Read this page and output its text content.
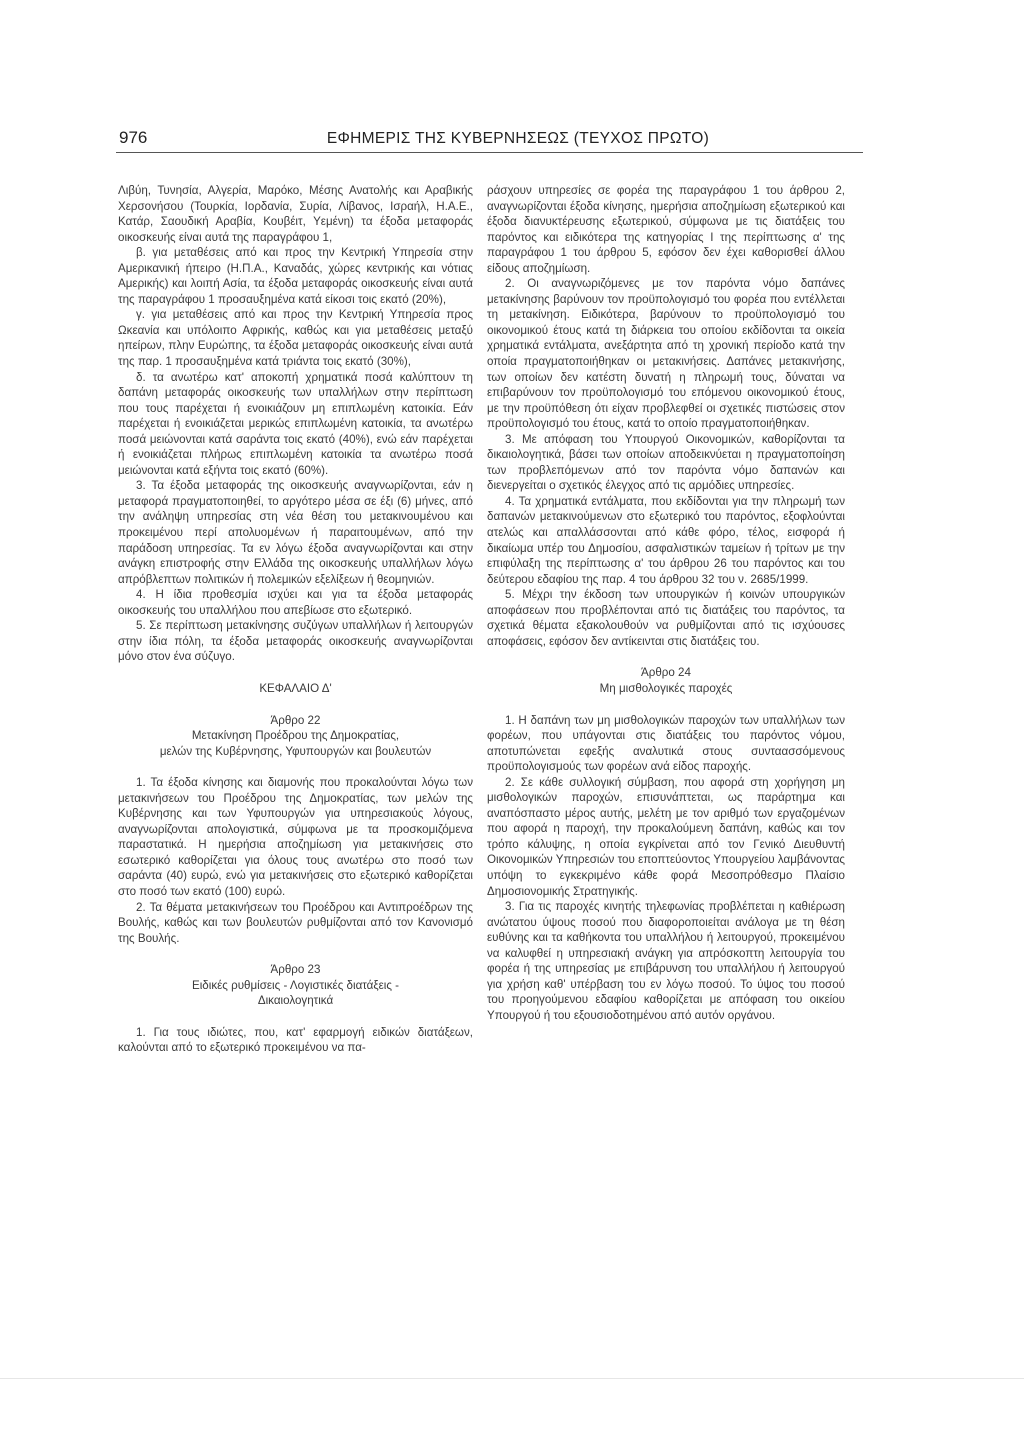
976	ΕΦΗΜΕΡΙΣ ΤΗΣ ΚΥΒΕΡΝΗΣΕΩΣ (ΤΕΥΧΟΣ ΠΡΩΤΟ)

Λιβύη, Τυνησία, Αλγερία, Μαρόκο, Μέσης Ανατολής και Αραβικής Χερσονήσου (Τουρκία, Ιορδανία, Συρία, Λίβανος, Ισραήλ, Η.Α.Ε., Κατάρ, Σαουδική Αραβία, Κουβέιτ, Υεμένη) τα έξοδα μεταφοράς οικοσκευής είναι αυτά της παραγράφου 1,

β. για μεταθέσεις από και προς την Κεντρική Υπηρεσία στην Αμερικανική ήπειρο (Η.Π.Α., Καναδάς, χώρες κεντρικής και νότιας Αμερικής) και λοιπή Ασία, τα έξοδα μεταφοράς οικοσκευής είναι αυτά της παραγράφου 1 προσαυξημένα κατά είκοσι τοις εκατό (20%),

γ. για μεταθέσεις από και προς την Κεντρική Υπηρεσία προς Ωκεανία και υπόλοιπο Αφρικής, καθώς και για μεταθέσεις μεταξύ ηπείρων, πλην Ευρώπης, τα έξοδα μεταφοράς οικοσκευής είναι αυτά της παρ. 1 προσαυξημένα κατά τριάντα τοις εκατό (30%),

δ. τα ανωτέρω κατ' αποκοπή χρηματικά ποσά καλύπτουν τη δαπάνη μεταφοράς οικοσκευής των υπαλλήλων στην περίπτωση που τους παρέχεται ή ενοικιάζουν μη επιπλωμένη κατοικία. Εάν παρέχεται ή ενοικιάζεται μερικώς επιπλωμένη κατοικία, τα ανωτέρω ποσά μειώνονται κατά σαράντα τοις εκατό (40%), ενώ εάν παρέχεται ή ενοικιάζεται πλήρως επιπλωμένη κατοικία τα ανωτέρω ποσά μειώνονται κατά εξήντα τοις εκατό (60%).

3. Τα έξοδα μεταφοράς της οικοσκευής αναγνωρίζονται, εάν η μεταφορά πραγματοποιηθεί, το αργότερο μέσα σε έξι (6) μήνες, από την ανάληψη υπηρεσίας στη νέα θέση του μετακινουμένου και προκειμένου περί απολυομένων ή παραιτουμένων, από την παράδοση υπηρεσίας. Τα εν λόγω έξοδα αναγνωρίζονται και στην ανάγκη επιστροφής στην Ελλάδα της οικοσκευής υπαλλήλων λόγω απρόβλεπτων πολιτικών ή πολεμικών εξελίξεων ή θεομηνιών.

4. Η ίδια προθεσμία ισχύει και για τα έξοδα μεταφοράς οικοσκευής του υπαλλήλου που απεβίωσε στο εξωτερικό.

5. Σε περίπτωση μετακίνησης συζύγων υπαλλήλων ή λειτουργών στην ίδια πόλη, τα έξοδα μεταφοράς οικοσκευής αναγνωρίζονται μόνο στον ένα σύζυγο.

ΚΕΦΑΛΑΙΟ Δ'

Άρθρο 22

Μετακίνηση Προέδρου της Δημοκρατίας,

μελών της Κυβέρνησης, Υφυπουργών και βουλευτών

1. Τα έξοδα κίνησης και διαμονής που προκαλούνται λόγω των μετακινήσεων του Προέδρου της Δημοκρατίας, των μελών της Κυβέρνησης και των Υφυπουργών για υπηρεσιακούς λόγους, αναγνωρίζονται απολογιστικά, σύμφωνα με τα προσκομιζόμενα παραστατικά. Η ημερήσια αποζημίωση για μετακινήσεις στο εσωτερικό καθορίζεται για όλους τους ανωτέρω στο ποσό των σαράντα (40) ευρώ, ενώ για μετακινήσεις στο εξωτερικό καθορίζεται στο ποσό των εκατό (100) ευρώ.

2. Τα θέματα μετακινήσεων του Προέδρου και Αντιπροέδρων της Βουλής, καθώς και των βουλευτών ρυθμίζονται από τον Κανονισμό της Βουλής.

Άρθρο 23

Ειδικές ρυθμίσεις - Λογιστικές διατάξεις -

Δικαιολογητικά

1. Για τους ιδιώτες, που, κατ' εφαρμογή ειδικών διατάξεων, καλούνται από το εξωτερικό προκειμένου να πα-

ράσχουν υπηρεσίες σε φορέα της παραγράφου 1 του άρθρου 2, αναγνωρίζονται έξοδα κίνησης, ημερήσια αποζημίωση εξωτερικού και έξοδα διανυκτέρευσης εξωτερικού, σύμφωνα με τις διατάξεις του παρόντος και ειδικότερα της κατηγορίας Ι της περίπτωσης α' της παραγράφου 1 του άρθρου 5, εφόσον δεν έχει καθορισθεί άλλου είδους αποζημίωση.

2. Οι αναγνωριζόμενες με τον παρόντα νόμο δαπάνες μετακίνησης βαρύνουν τον προϋπολογισμό του φορέα που εντέλλεται τη μετακίνηση. Ειδικότερα, βαρύνουν το προϋπολογισμό του οικονομικού έτους κατά τη διάρκεια του οποίου εκδίδονται τα οικεία χρηματικά εντάλματα, ανεξάρτητα από τη χρονική περίοδο κατά την οποία πραγματοποιήθηκαν οι μετακινήσεις. Δαπάνες μετακινήσης, των οποίων δεν κατέστη δυνατή η πληρωμή τους, δύναται να επιβαρύνουν τον προϋπολογισμό του επόμενου οικονομικού έτους, με την προϋπόθεση ότι είχαν προβλεφθεί οι σχετικές πιστώσεις στον προϋπολογισμό του έτους, κατά το οποίο πραγματοποιήθηκαν.

3. Με απόφαση του Υπουργού Οικονομικών, καθορίζονται τα δικαιολογητικά, βάσει των οποίων αποδεικνύεται η πραγματοποίηση των προβλεπόμενων από τον παρόντα νόμο δαπανών και διενεργείται ο σχετικός έλεγχος από τις αρμόδιες υπηρεσίες.

4. Τα χρηματικά εντάλματα, που εκδίδονται για την πληρωμή των δαπανών μετακινούμενων στο εξωτερικό του παρόντος, εξοφλούνται ατελώς και απαλλάσσονται από κάθε φόρο, τέλος, εισφορά ή δικαίωμα υπέρ του Δημοσίου, ασφαλιστικών ταμείων ή τρίτων με την επιφύλαξη της περίπτωσης α' του άρθρου 26 του παρόντος και του δεύτερου εδαφίου της παρ. 4 του άρθρου 32 του ν. 2685/1999.

5. Μέχρι την έκδοση των υπουργικών ή κοινών υπουργικών αποφάσεων που προβλέπονται από τις διατάξεις του παρόντος, τα σχετικά θέματα εξακολουθούν να ρυθμίζονται από τις ισχύουσες αποφάσεις, εφόσον δεν αντίκεινται στις διατάξεις του.

Άρθρο 24

Μη μισθολογικές παροχές

1. Η δαπάνη των μη μισθολογικών παροχών των υπαλλήλων των φορέων, που υπάγονται στις διατάξεις του παρόντος νόμου, αποτυπώνεται εφεξής αναλυτικά στους συνταασσόμενους προϋπολογισμούς των φορέων ανά είδος παροχής.

2. Σε κάθε συλλογική σύμβαση, που αφορά στη χορήγηση μη μισθολογικών παροχών, επισυνάπτεται, ως παράρτημα και αναπόσπαστο μέρος αυτής, μελέτη με τον αριθμό των εργαζομένων που αφορά η παροχή, την προκαλούμενη δαπάνη, καθώς και τον τρόπο κάλυψης, η οποία εγκρίνεται από τον Γενικό Διευθυντή Οικονομικών Υπηρεσιών του εποπτεύοντος Υπουργείου λαμβάνοντας υπόψη το εγκεκριμένο κάθε φορά Μεσοπρόθεσμο Πλαίσιο Δημοσιονομικής Στρατηγικής.

3. Για τις παροχές κινητής τηλεφωνίας προβλέπεται η καθιέρωση ανώτατου ύψους ποσού που διαφοροποιείται ανάλογα με τη θέση ευθύνης και τα καθήκοντα του υπαλλήλου ή λειτουργού, προκειμένου να καλυφθεί η υπηρεσιακή ανάγκη για απρόσκοπτη λειτουργία του φορέα ή της υπηρεσίας με επιβάρυνση του υπαλλήλου ή λειτουργού για χρήση καθ' υπέρβαση του εν λόγω ποσού. Το ύψος του ποσού του προηγούμενου εδαφίου καθορίζεται με απόφαση του οικείου Υπουργού ή του εξουσιοδοτημένου από αυτόν οργάνου.
